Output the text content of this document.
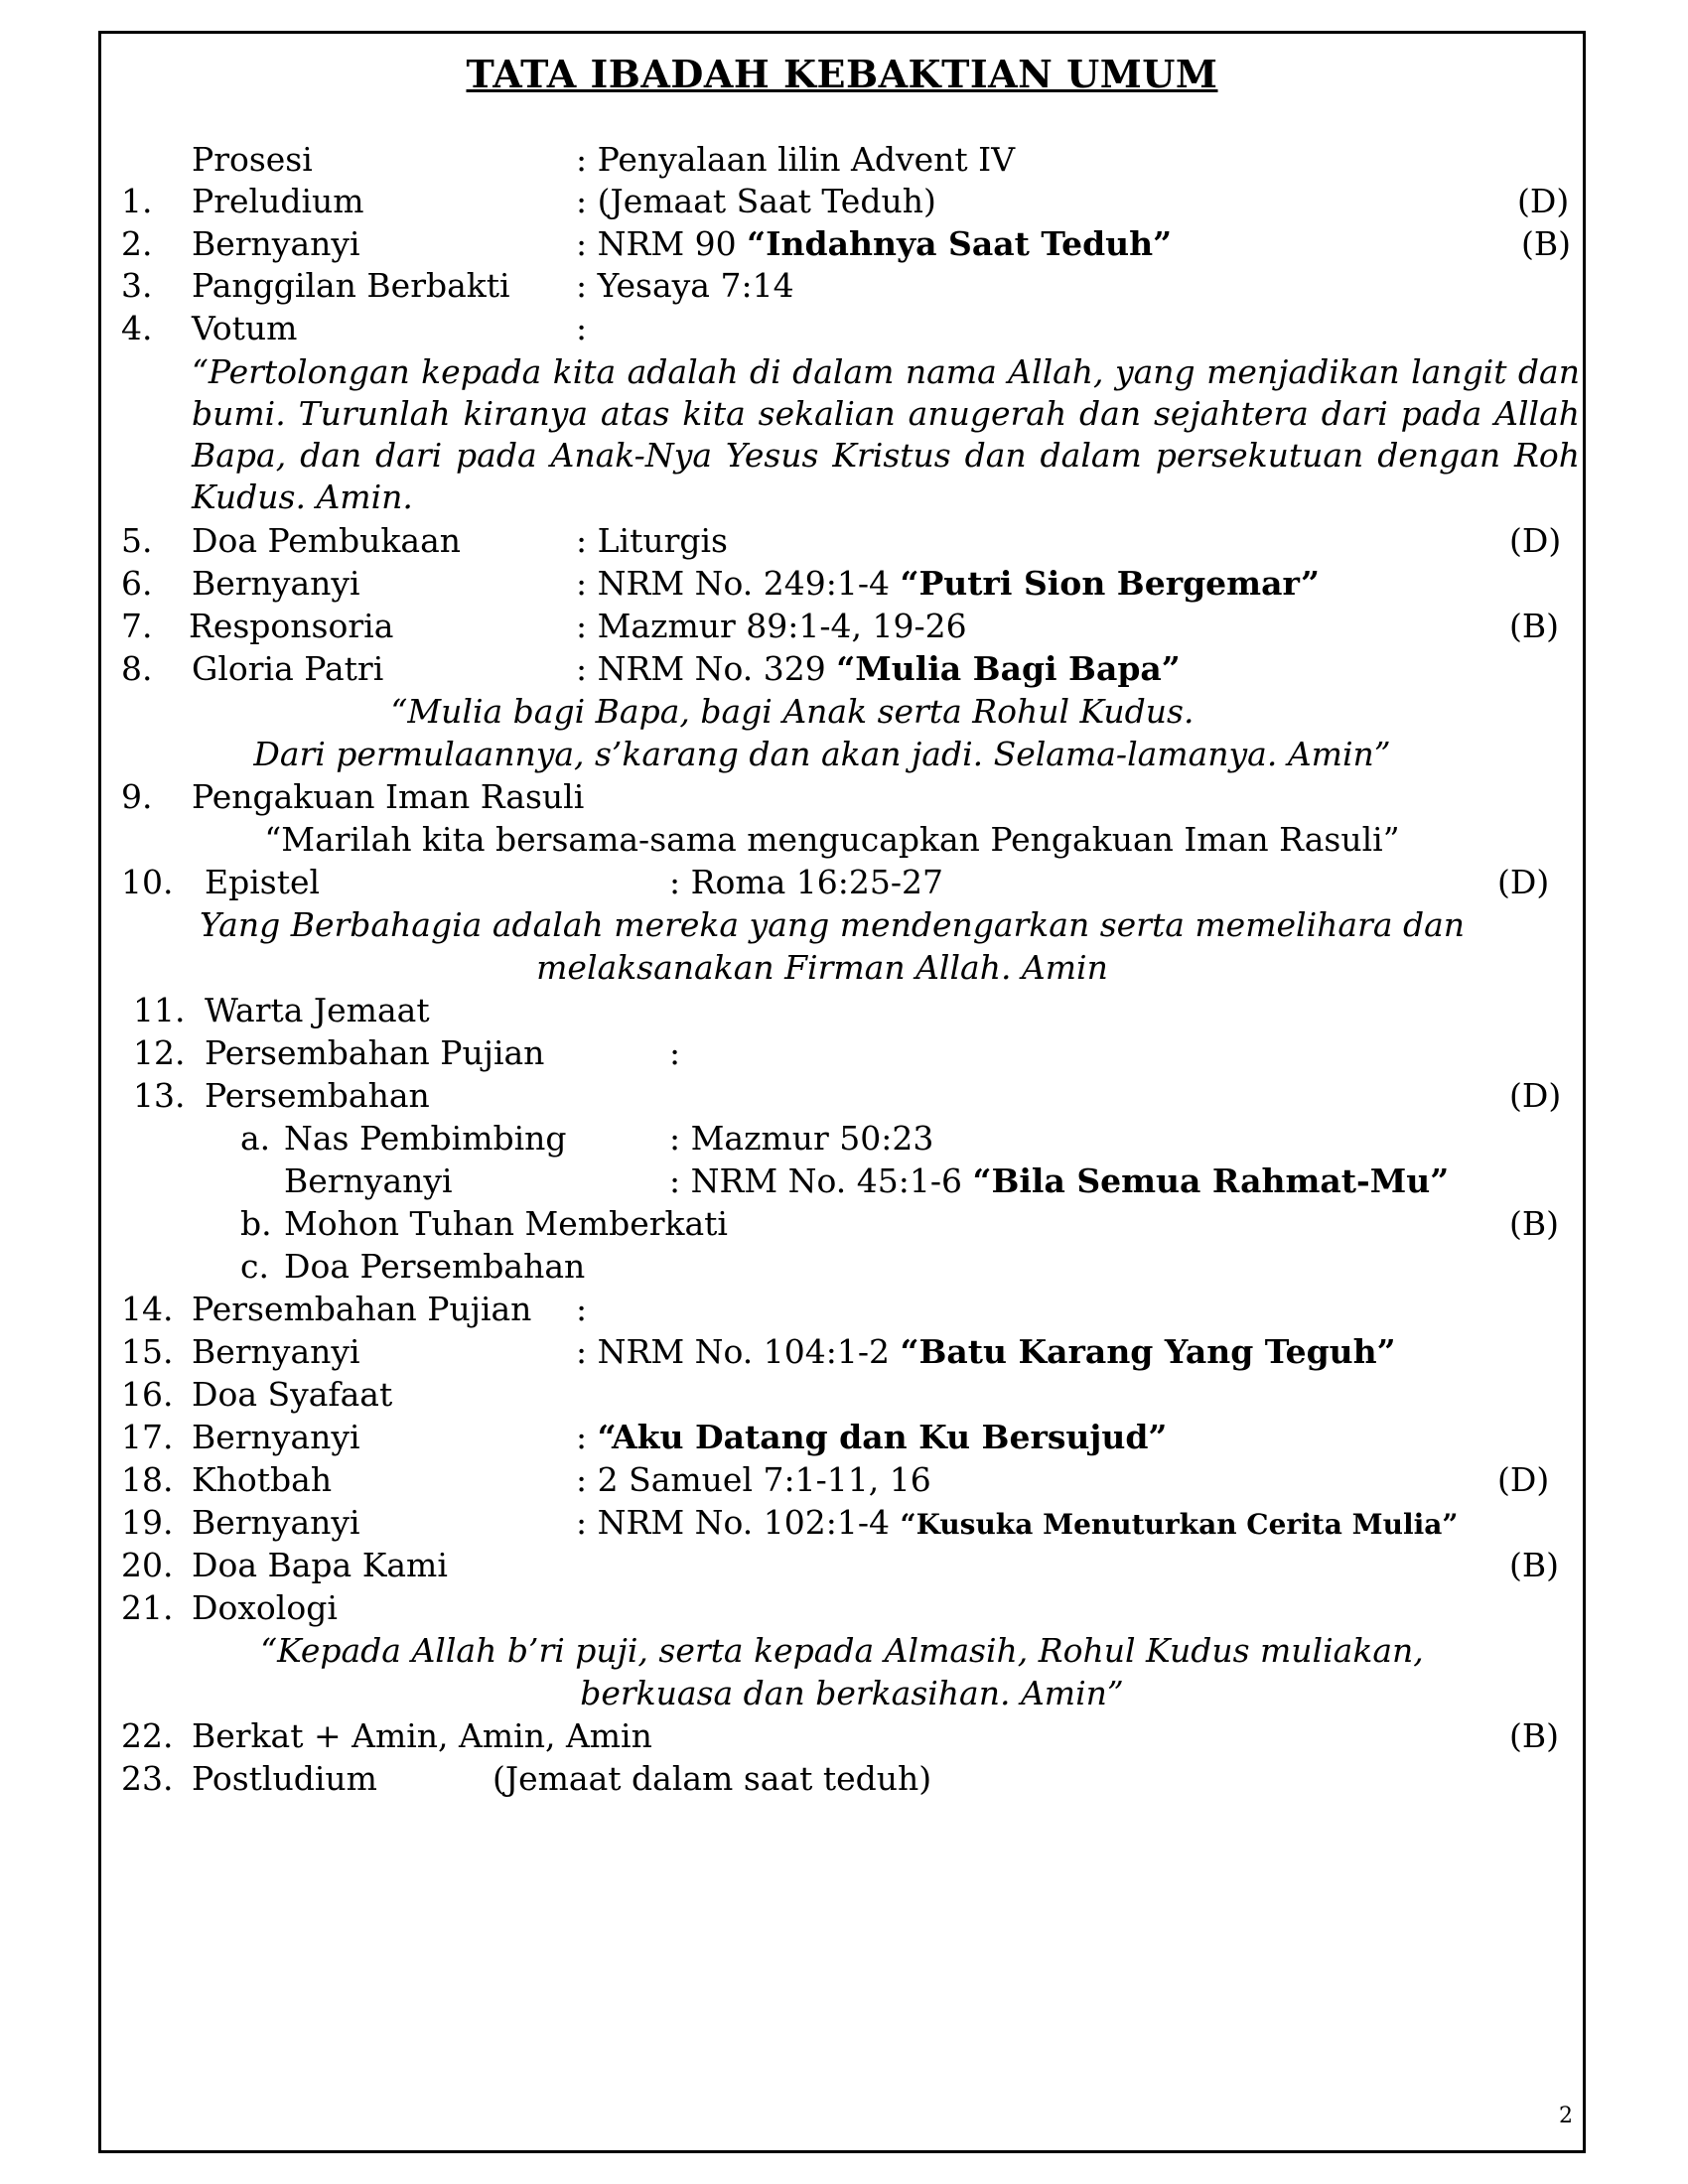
TATA IBADAH KEBAKTIAN UMUM
Prosesi	: Penyalaan lilin Advent IV
1. Preludium	: (Jemaat Saat Teduh)	(D)
2. Bernyanyi	: NRM 90 “Indahnya Saat Teduh”	(B)
3. Panggilan Berbakti : Yesaya 7:14
4. Votum	:
“Pertolongan kepada kita adalah di dalam nama Allah, yang menjadikan langit dan bumi. Turunlah kiranya atas kita sekalian anugerah dan sejahtera dari pada Allah Bapa, dan dari pada Anak-Nya Yesus Kristus dan dalam persekutuan dengan Roh Kudus. Amin.
5. Doa Pembukaan	: Liturgis	(D)
6. Bernyanyi	: NRM No. 249:1-4 “Putri Sion Bergemar”
7. Responsoria	: Mazmur 89:1-4, 19-26	(B)
8. Gloria Patri	: NRM No. 329 “Mulia Bagi Bapa”
“Mulia bagi Bapa, bagi Anak serta Rohul Kudus.
Dari permulaannya, s’karang dan akan jadi. Selama-lamanya. Amin”
9. Pengakuan Iman Rasuli
“Marilah kita bersama-sama mengucapkan Pengakuan Iman Rasuli”
10. Epistel	: Roma 16:25-27	(D)
Yang Berbahagia adalah mereka yang mendengarkan serta memelihara dan
melaksanakan Firman Allah. Amin
11. Warta Jemaat
12. Persembahan Pujian	:
13. Persembahan	(D)
a. Nas Pembimbing	: Mazmur 50:23
Bernyanyi	: NRM No. 45:1-6 “Bila Semua Rahmat-Mu”
b. Mohon Tuhan Memberkati	(B)
c. Doa Persembahan
14. Persembahan Pujian :
15. Bernyanyi	: NRM No. 104:1-2 “Batu Karang Yang Teguh”
16. Doa Syafaat
17. Bernyanyi	: “Aku Datang dan Ku Bersujud”
18. Khotbah	: 2 Samuel 7:1-11, 16	(D)
19. Bernyanyi	: NRM No. 102:1-4 “Kusuka Menuturkan Cerita Mulia”
20. Doa Bapa Kami	(B)
21. Doxologi
“Kepada Allah b’ri puji, serta kepada Almasih, Rohul Kudus muliakan,
berkuasa dan berkasihan. Amin”
22. Berkat + Amin, Amin, Amin	(B)
23. Postludium	(Jemaat dalam saat teduh)
2
